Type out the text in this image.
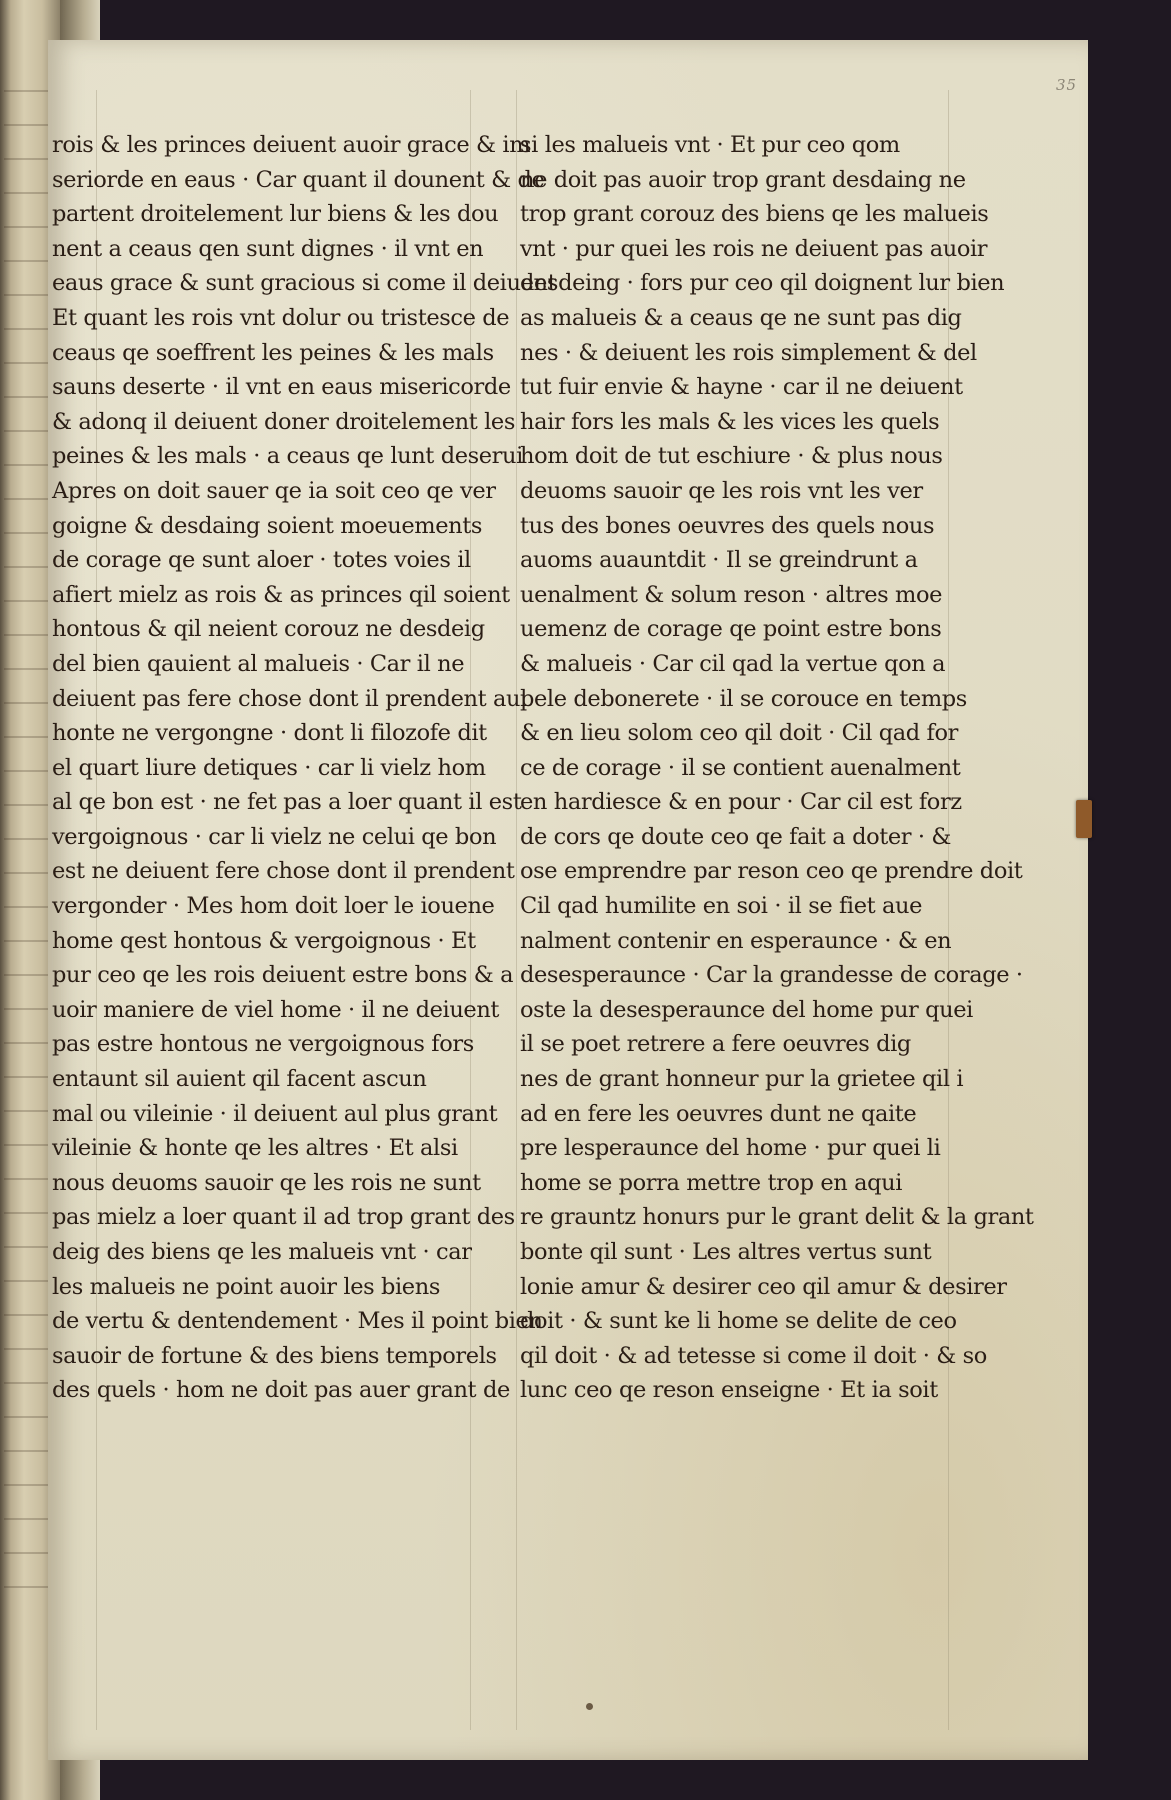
35
rois & les princes deiuent auoir grace & im
seriorde en eaus · Car quant il dounent & de
partent droitelement lur biens & les dou
nent a ceaus qen sunt dignes · il vnt en
eaus grace & sunt gracious si come il deiuent
Et quant les rois vnt dolur ou tristesce de
ceaus qe soeffrent les peines & les mals
sauns deserte · il vnt en eaus misericorde
& adonq il deiuent doner droitelement les
peines & les mals · a ceaus qe lunt deserui
Apres on doit sauer qe ia soit ceo qe ver
goigne & desdaing soient moeuements
de corage qe sunt aloer · totes voies il
afiert mielz as rois & as princes qil soient
hontous & qil neient corouz ne desdeig
del bien qauient al malueis · Car il ne
deiuent pas fere chose dont il prendent aul
honte ne vergongne · dont li filozofe dit
el quart liure detiques · car li vielz hom
al qe bon est · ne fet pas a loer quant il est
vergoignous · car li vielz ne celui qe bon
est ne deiuent fere chose dont il prendent
vergonder · Mes hom doit loer le iouene
home qest hontous & vergoignous · Et
pur ceo qe les rois deiuent estre bons & a
uoir maniere de viel home · il ne deiuent
pas estre hontous ne vergoignous fors
entaunt sil auient qil facent ascun
mal ou vileinie · il deiuent aul plus grant
vileinie & honte qe les altres · Et alsi
nous deuoms sauoir qe les rois ne sunt
pas mielz a loer quant il ad trop grant des
deig des biens qe les malueis vnt · car
les malueis ne point auoir les biens
de vertu & dentendement · Mes il point bien
sauoir de fortune & des biens temporels
des quels · hom ne doit pas auer grant de
si les malueis vnt · Et pur ceo qom
ne doit pas auoir trop grant desdaing ne
trop grant corouz des biens qe les malueis
vnt · pur quei les rois ne deiuent pas auoir
desdeing · fors pur ceo qil doignent lur bien
as malueis & a ceaus qe ne sunt pas dig
nes · & deiuent les rois simplement & del
tut fuir envie & hayne · car il ne deiuent
hair fors les mals & les vices les quels
hom doit de tut eschiure · & plus nous
deuoms sauoir qe les rois vnt les ver
tus des bones oeuvres des quels nous
auoms auauntdit · Il se greindrunt a
uenalment & solum reson · altres moe
uemenz de corage qe point estre bons
& malueis · Car cil qad la vertue qon a
pele debonerete · il se corouce en temps
& en lieu solom ceo qil doit · Cil qad for
ce de corage · il se contient auenalment
en hardiesce & en pour · Car cil est forz
de cors qe doute ceo qe fait a doter · &
ose emprendre par reson ceo qe prendre doit
Cil qad humilite en soi · il se fiet aue
nalment contenir en esperaunce · & en
desesperaunce · Car la grandesse de corage ·
oste la desesperaunce del home pur quei
il se poet retrere a fere oeuvres dig
nes de grant honneur pur la grietee qil i
ad en fere les oeuvres dunt ne qaite
pre lesperaunce del home · pur quei li
home se porra mettre trop en aqui
re grauntz honurs pur le grant delit & la grant
bonte qil sunt · Les altres vertus sunt
lonie amur & desirer ceo qil amur & desirer
doit · & sunt ke li home se delite de ceo
qil doit · & ad tetesse si come il doit · & so
lunc ceo qe reson enseigne · Et ia soit
